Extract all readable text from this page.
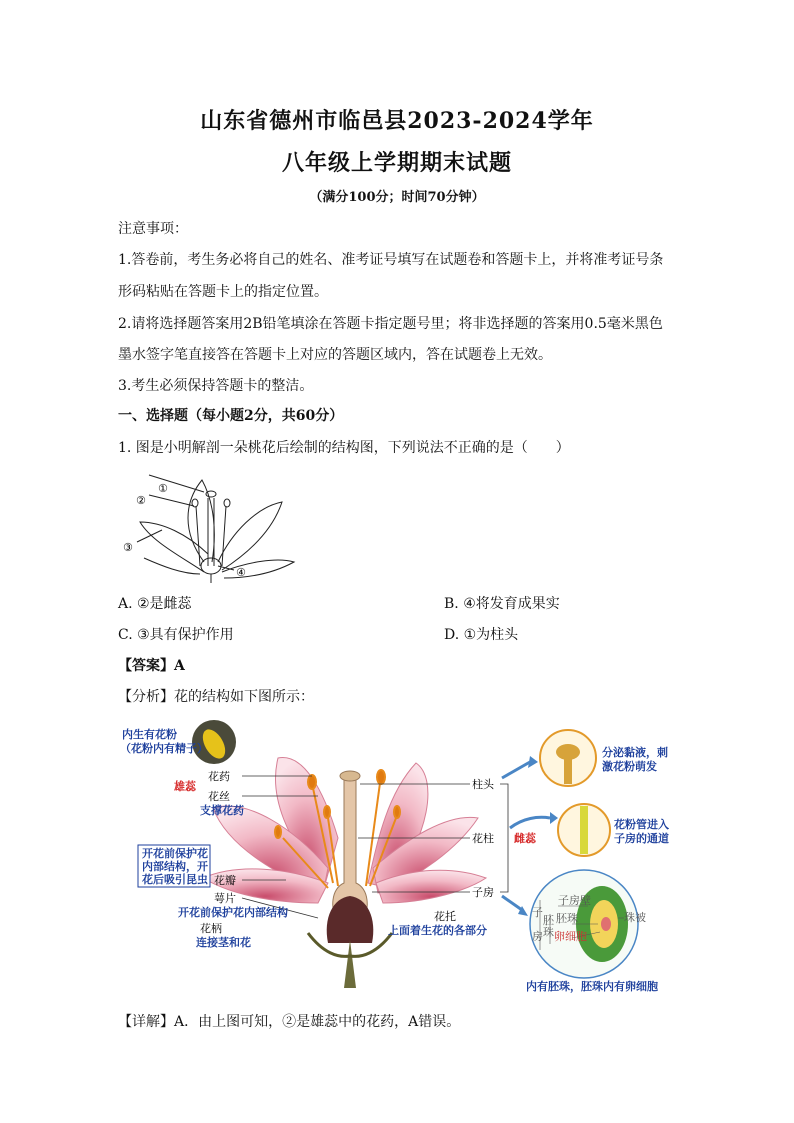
山东省德州市临邑县2023-2024学年
八年级上学期期末试题
（满分100分；时间70分钟）
注意事项：
1.答卷前，考生务必将自己的姓名、准考证号填写在试题卷和答题卡上，并将准考证号条
形码粘贴在答题卡上的指定位置。
2.请将选择题答案用2B铅笔填涂在答题卡指定题号里；将非选择题的答案用0.5毫米黑色
墨水签字笔直接答在答题卡上对应的答题区域内，答在试题卷上无效。
3.考生必须保持答题卡的整洁。
一、选择题（每小题2分，共60分）
1. 图是小明解剖一朵桃花后绘制的结构图，下列说法不正确的是（　　）
①
②
③
④
A. ②是雌蕊	B. ④将发育成果实
C. ③具有保护作用	D. ①为柱头
【答案】A
【分析】花的结构如下图所示：
内生有花粉
（花粉内有精子）
雄蕊
花药
花丝
支撑花药
开花前保护花
内部结构，开
花后吸引昆虫 花瓣
萼片
开花前保护花内部结构
花柄
连接茎和花
花托
上面着生花的各部分
柱头
花柱
子房
雌蕊
分泌黏液，刺
激花粉萌发
花粉管进入
子房的通道
子
房
胚
珠
子房壁
胚珠
卵细胞
珠被
内有胚珠，胚珠内有卵细胞
【详解】A．由上图可知，②是雄蕊中的花药，A错误。
